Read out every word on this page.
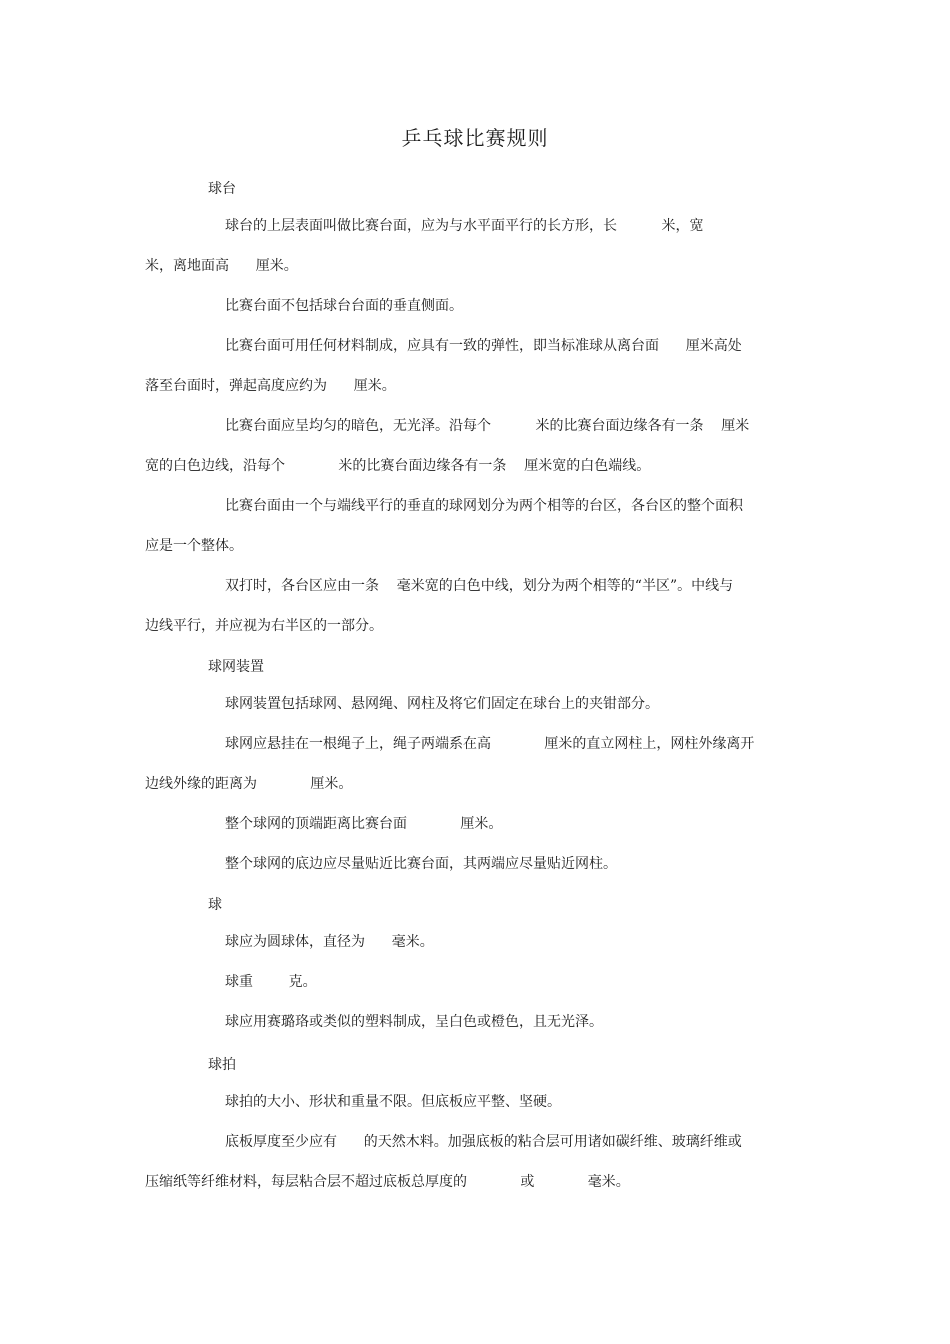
乒乓球比赛规则
球台
球台的上层表面叫做比赛台面，应为与水平面平行的长方形，长          米，宽
米，离地面高      厘米。
比赛台面不包括球台台面的垂直侧面。
比赛台面可用任何材料制成，应具有一致的弹性，即当标准球从离台面      厘米高处
落至台面时，弹起高度应约为      厘米。
比赛台面应呈均匀的暗色，无光泽。沿每个          米的比赛台面边缘各有一条    厘米
宽的白色边线，沿每个            米的比赛台面边缘各有一条    厘米宽的白色端线。
比赛台面由一个与端线平行的垂直的球网划分为两个相等的台区，各台区的整个面积
应是一个整体。
双打时，各台区应由一条    毫米宽的白色中线，划分为两个相等的“半区”。中线与
边线平行，并应视为右半区的一部分。
球网装置
球网装置包括球网、悬网绳、网柱及将它们固定在球台上的夹钳部分。
球网应悬挂在一根绳子上，绳子两端系在高            厘米的直立网柱上，网柱外缘离开
边线外缘的距离为            厘米。
整个球网的顶端距离比赛台面            厘米。
整个球网的底边应尽量贴近比赛台面，其两端应尽量贴近网柱。
球
球应为圆球体，直径为      毫米。
球重        克。
球应用赛璐珞或类似的塑料制成，呈白色或橙色，且无光泽。
球拍
球拍的大小、形状和重量不限。但底板应平整、坚硬。
底板厚度至少应有      的天然木料。加强底板的粘合层可用诸如碳纤维、玻璃纤维或
压缩纸等纤维材料，每层粘合层不超过底板总厚度的            或            毫米。
